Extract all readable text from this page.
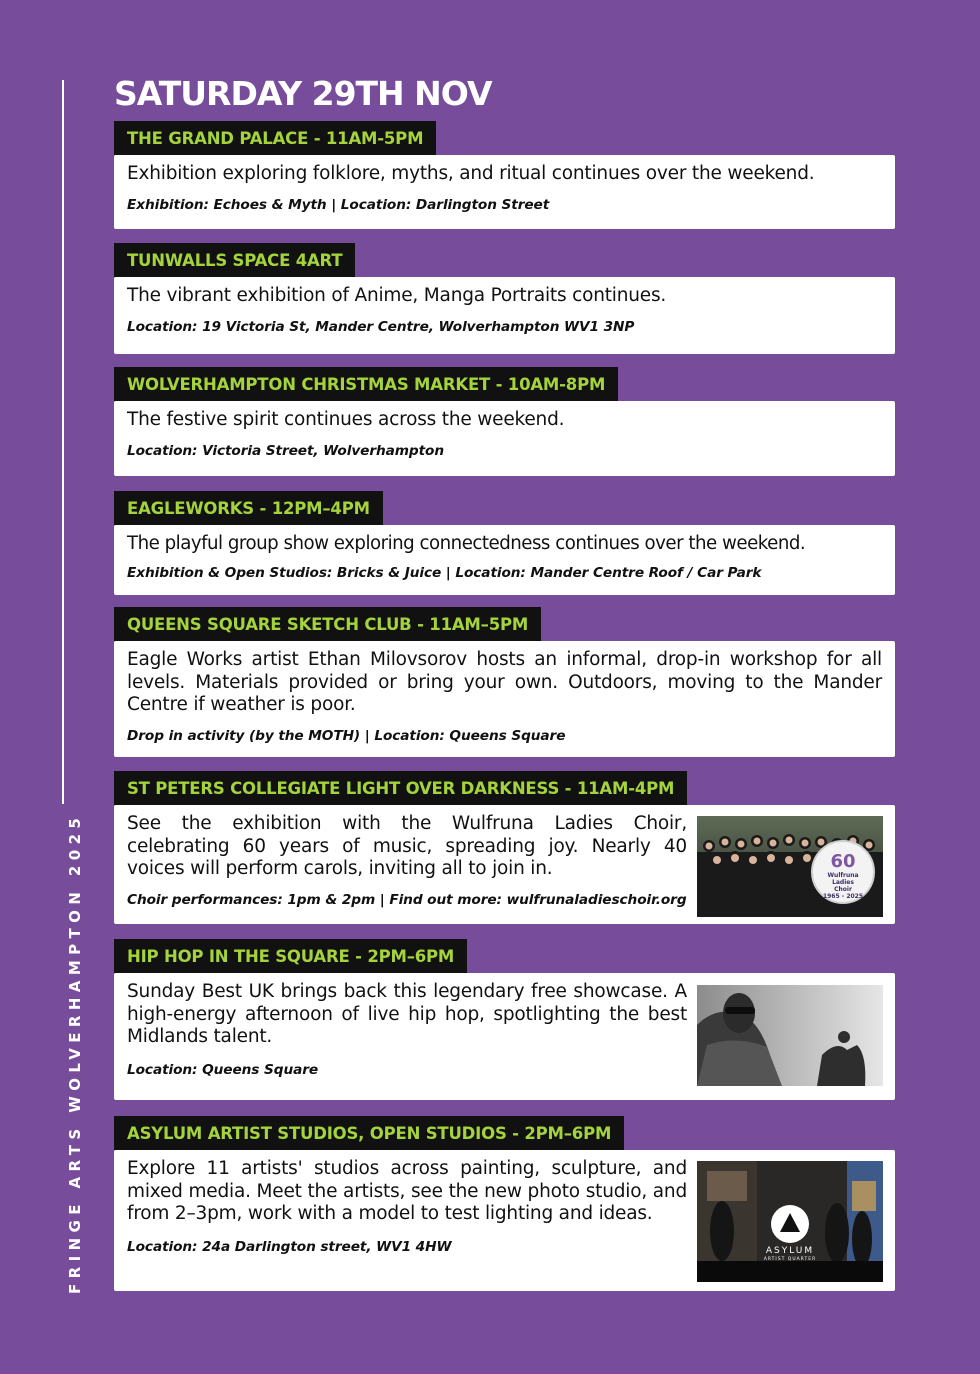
FRINGE ARTS WOLVERHAMPTON 2025
SATURDAY 29TH NOV
THE GRAND PALACE - 11AM-5PM

Exhibition exploring folklore, myths, and ritual continues over the weekend.

Exhibition: Echoes & Myth | Location: Darlington Street

TUNWALLS SPACE 4ART

The vibrant exhibition of Anime, Manga Portraits continues.

Location: 19 Victoria St, Mander Centre, Wolverhampton WV1 3NP

WOLVERHAMPTON CHRISTMAS MARKET - 10AM-8PM

The festive spirit continues across the weekend.

Location: Victoria Street, Wolverhampton

EAGLEWORKS - 12PM–4PM

The playful group show exploring connectedness continues over the weekend.

Exhibition & Open Studios: Bricks & Juice | Location: Mander Centre Roof / Car Park

QUEENS SQUARE SKETCH CLUB - 11AM–5PM

Eagle Works artist Ethan Milovsorov hosts an informal, drop-in workshop for all levels. Materials provided or bring your own. Outdoors, moving to the Mander Centre if weather is poor.

Drop in activity (by the MOTH) | Location: Queens Square

ST PETERS COLLEGIATE LIGHT OVER DARKNESS - 11AM-4PM

See the exhibition with the Wulfruna Ladies Choir, celebrating 60 years of music, spreading joy. Nearly 40 voices will perform carols, inviting all to join in.

Choir performances: 1pm & 2pm | Find out more: wulfrunaladieschoir.org

60
Wulfruna
Ladies
Choir
1965 - 2025
HIP HOP IN THE SQUARE - 2PM–6PM

Sunday Best UK brings back this legendary free showcase. A high-energy afternoon of live hip hop, spotlighting the best Midlands talent.

Location: Queens Square

ASYLUM ARTIST STUDIOS, OPEN STUDIOS - 2PM–6PM

Explore 11 artists' studios across painting, sculpture, and mixed media. Meet the artists, see the new photo studio, and from 2–3pm, work with a model to test lighting and ideas.

Location: 24a Darlington street, WV1 4HW	ASYLUM
ARTIST QUARTER
